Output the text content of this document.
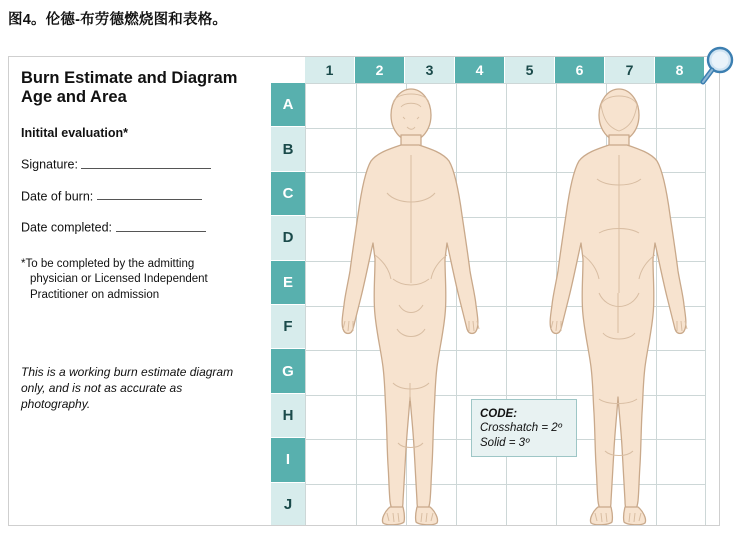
图4。伦德-布劳德燃烧图和表格。
Burn Estimate and Diagram
Age and Area
Initital evaluation*
Signature:
Date of burn:
Date completed:
*To be completed by the admitting
physician or Licensed Independent
Practitioner on admission
This is a working burn estimate diagram only, and is not as accurate as photography.
1	2	3	4	5	6	7	8
A
B
C
D
E
F
G
H
I
J
CODE:
Crosshatch = 2º
Solid = 3º
